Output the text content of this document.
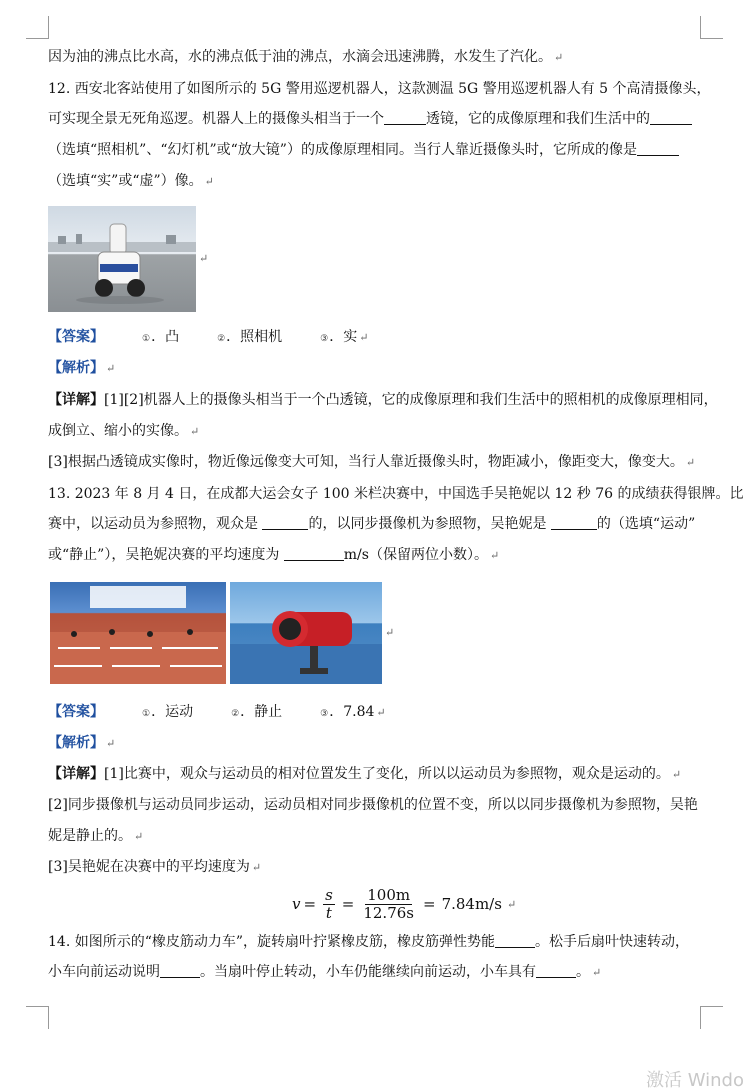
因为油的沸点比水高，水的沸点低于油的沸点，水滴会迅速沸腾，水发生了汽化。 ↵
12. 西安北客站使用了如图所示的 5G 警用巡逻机器人，这款测温 5G 警用巡逻机器人有 5 个高清摄像头，
可实现全景无死角巡逻。机器人上的摄像头相当于一个	透镜，它的成像原理和我们生活中的
（选填“照相机”、“幻灯机”或“放大镜”）的成像原理相同。当行人靠近摄像头时，它所成的像是
（选填“实”或“虚”）像。 ↵
↵
【答案】	①．凸	②．照相机	③．实 ↵
【解析】 ↵
【详解】[1][2]机器人上的摄像头相当于一个凸透镜，它的成像原理和我们生活中的照相机的成像原理相同，
成倒立、缩小的实像。 ↵
[3]根据凸透镜成实像时，物近像远像变大可知，当行人靠近摄像头时，物距减小，像距变大，像变大。 ↵
13. 2023 年 8 月 4 日，在成都大运会女子 100 米栏决赛中，中国选手吴艳妮以 12 秒 76 的成绩获得银牌。比
赛中，以运动员为参照物，观众是	的，以同步摄像机为参照物，吴艳妮是	的（选填“运动”
或“静止”），吴艳妮决赛的平均速度为	m/s（保留两位小数）。 ↵
↵
【答案】	①．运动	②．静止	③．7.84 ↵
【解析】 ↵
【详解】[1]比赛中，观众与运动员的相对位置发生了变化，所以以运动员为参照物，观众是运动的。 ↵
[2]同步摄像机与运动员同步运动，运动员相对同步摄像机的位置不变，所以以同步摄像机为参照物，吴艳
妮是静止的。 ↵
[3]吴艳妮在决赛中的平均速度为 ↵
$v = \frac{s}{t} = \frac{100m}{12.76s} = 7.84m/s$ ↵
14. 如图所示的“橡皮筋动力车”，旋转扇叶拧紧橡皮筋，橡皮筋弹性势能	。松手后扇叶快速转动，
小车向前运动说明	。当扇叶停止转动，小车仍能继续向前运动，小车具有	。 ↵
激活 Windo
